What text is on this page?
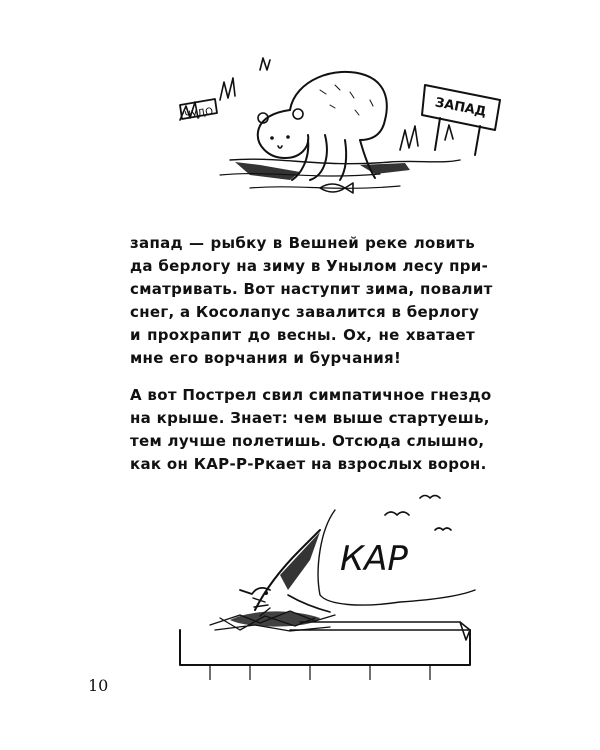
ЧУДО	ЗАПАД
запад — рыбку в Вешней реке ловить
да берлогу на зиму в Унылом лесу при-
сматривать. Вот наступит зима, повалит
снег, а Косолапус завалится в берлогу
и прохрапит до весны. Ох, не хватает
мне его ворчания и бурчания!
А вот Пострел свил симпатичное гнездо
на крыше. Знает: чем выше стартуешь,
тем лучше полетишь. Отсюда слышно,
как он КАР-Р-Ркает на взрослых ворон.
КАР
10
